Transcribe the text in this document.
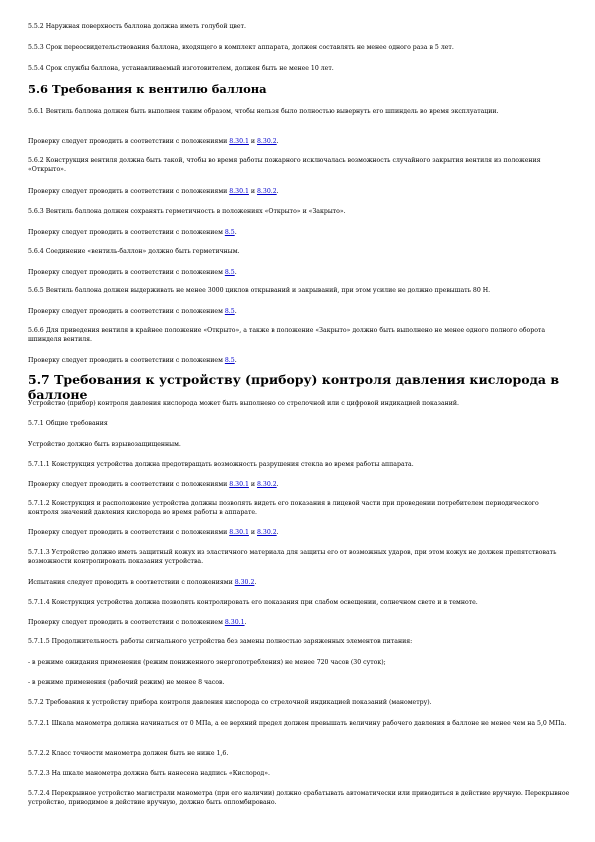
5.5.2 Наружная поверхность баллона должна иметь голубой цвет.

5.5.3 Срок переосвидетельствования баллона, входящего в комплект аппарата, должен составлять не менее одного раза в 5 лет.

5.5.4 Срок службы баллона, устанавливаемый изготовителем, должен быть не менее 10 лет.

5.6 Требования к вентилю баллона

5.6.1 Вентиль баллона должен быть выполнен таким образом, чтобы нельзя было полностью вывернуть его шпиндель во время эксплуатации.

Проверку следует проводить в соответствии с положениями 8.30.1 и 8.30.2.

5.6.2 Конструкция вентиля должна быть такой, чтобы во время работы пожарного исключалась возможность случайного закрытия вентиля из положения «Открыто».

Проверку следует проводить в соответствии с положениями 8.30.1 и 8.30.2.

5.6.3 Вентиль баллона должен сохранять герметичность в положениях «Открыто» и «Закрыто».

Проверку следует проводить в соответствии с положением 8.5.

5.6.4 Соединение «вентиль-баллон» должно быть герметичным.

Проверку следует проводить в соответствии с положением 8.5.

5.6.5 Вентиль баллона должен выдерживать не менее 3000 циклов открываний и закрываний, при этом усилие не должно превышать 80 Н.

Проверку следует проводить в соответствии с положением 8.5.

5.6.6 Для приведения вентиля в крайнее положение «Открыто», а также в положение «Закрыто» должно быть выполнено не менее одного полного оборота шпинделя вентиля.

Проверку следует проводить в соответствии с положением 8.5.

5.7 Требования к устройству (прибору) контроля давления кислорода в баллоне

Устройство (прибор) контроля давления кислорода может быть выполнено со стрелочной или с цифровой индикацией показаний.

5.7.1 Общие требования

Устройство должно быть взрывозащищенным.

5.7.1.1 Конструкция устройства должна предотвращать возможность разрушения стекла во время работы аппарата.

Проверку следует проводить в соответствии с положениями 8.30.1 и 8.30.2.

5.7.1.2 Конструкция и расположение устройства должны позволять видеть его показания в лицевой части при проведении потребителем периодического контроля значений давления кислорода во время работы в аппарате.

Проверку следует проводить в соответствии с положениями 8.30.1 и 8.30.2.

5.7.1.3 Устройство должно иметь защитный кожух из эластичного материала для защиты его от возможных ударов, при этом кожух не должен препятствовать возможности контролировать показания устройства.

Испытания следует проводить в соответствии с положениями 8.30.2.

5.7.1.4 Конструкция устройства должна позволять контролировать его показания при слабом освещении, солнечном свете и в темноте.

Проверку следует проводить в соответствии с положением 8.30.1.

5.7.1.5 Продолжительность работы сигнального устройства без замены полностью заряженных элементов питания:

- в режиме ожидания применения (режим пониженного энергопотребления) не менее 720 часов (30 суток);

- в режиме применения (рабочий режим) не менее 8 часов.

5.7.2 Требования к устройству прибора контроля давления кислорода со стрелочной индикацией показаний (манометру).

5.7.2.1 Шкала манометра должна начинаться от 0 МПа, а ее верхний предел должен превышать величину рабочего давления в баллоне не менее чем на 5,0 МПа.

5.7.2.2 Класс точности манометра должен быть не ниже 1,6.

5.7.2.3 На шкале манометра должна быть нанесена надпись «Кислород».

5.7.2.4 Перекрывное устройство магистрали манометра (при его наличии) должно срабатывать автоматически или приводиться в действие вручную. Перекрывное устройство, приводимое в действие вручную, должно быть опломбировано.
